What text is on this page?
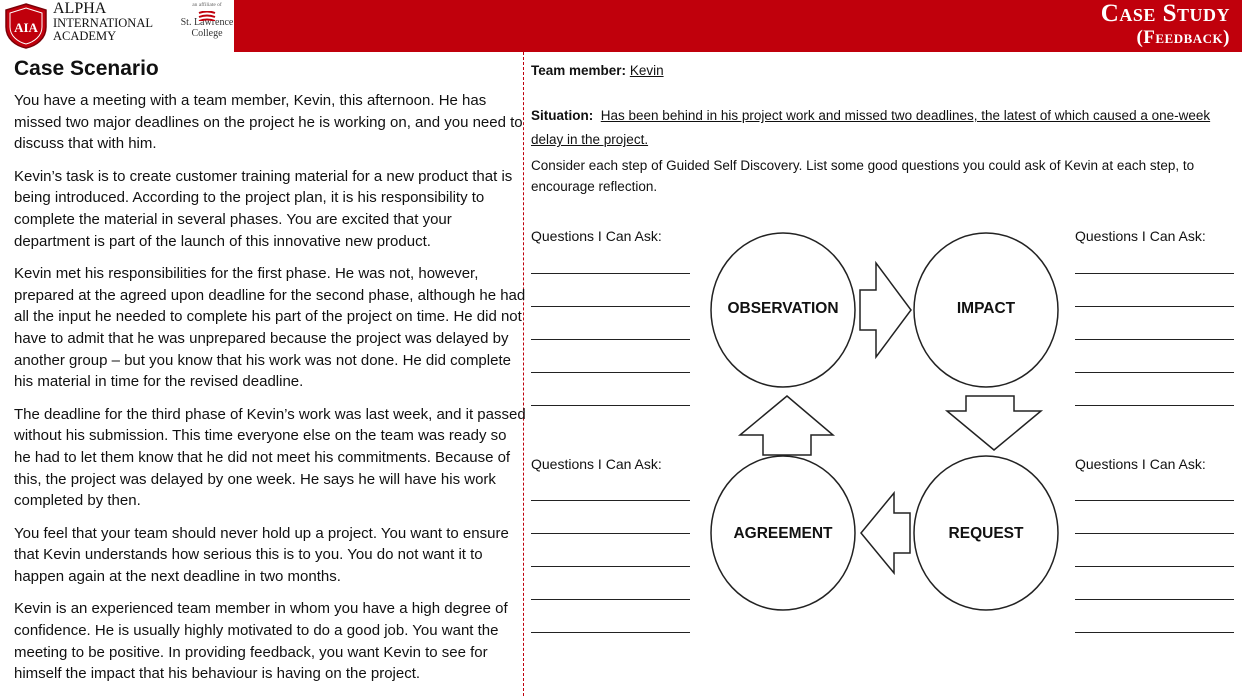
AIA
ALPHA
INTERNATIONAL
ACADEMY
an affiliate of
St. Lawrence
College
Case Study
(Feedback)
Case Scenario

You have a meeting with a team member, Kevin, this afternoon. He has missed two major deadlines on the project he is working on, and you need to discuss that with him.

Kevin’s task is to create customer training material for a new product that is being introduced. According to the project plan, it is his responsibility to complete the material in several phases. You are excited that your department is part of the launch of this innovative new product.

Kevin met his responsibilities for the first phase. He was not, however, prepared at the agreed upon deadline for the second phase, although he had all the input he needed to complete his part of the project on time. He did not have to admit that he was unprepared because the project was delayed by another group – but you know that his work was not done. He did complete his material in time for the revised deadline.

The deadline for the third phase of Kevin’s work was last week, and it passed without his submission. This time everyone else on the team was ready so he had to let them know that he did not meet his commitments. Because of this, the project was delayed by one week. He says he will have his work completed by then.

You feel that your team should never hold up a project. You want to ensure that Kevin understands how serious this is to you. You do not want it to happen again at the next deadline in two months.

Kevin is an experienced team member in whom you have a high degree of confidence. He is usually highly motivated to do a good job. You want the meeting to be positive. In providing feedback, you want Kevin to see for himself the impact that his behaviour is having on the project.

Team member: Kevin
Situation: Has been behind in his project work and missed two deadlines, the latest of which caused a one-week delay in the project.
Consider each step of Guided Self Discovery. List some good questions you could ask of Kevin at each step, to encourage reflection.
Questions I Can Ask:	Questions I Can Ask:
Questions I Can Ask:	Questions I Can Ask:
OBSERVATION	IMPACT
REQUEST
AGREEMENT
